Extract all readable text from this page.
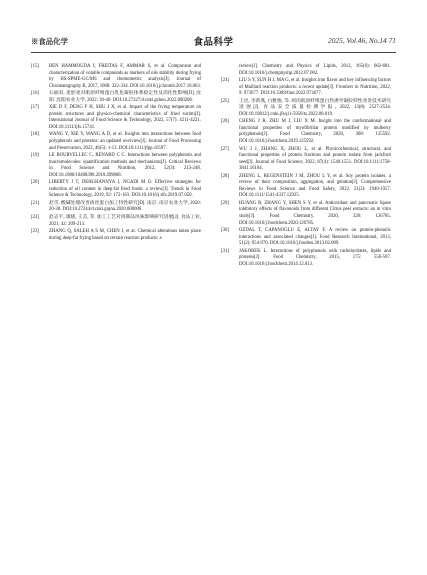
※食品化学	食品科学	2025, Vol.46, No.14 71
[15] BEN HAMMOUDA I, FREITAS F, AMMAR S, et al. Comparison and characterization of volatile compounds as markers of oils stability during frying by HS-SPME-GC/MS and chemometric analysis[J]. Journal of Chromatography B, 2017, 1068: 322-334. DOI:10.1016/j.jchromb.2017.10.063.
[16] 石丽双. 麦胚麦对肌原纤维蛋白乳化凝胶体系稳定性及消化性影响[D]. 沈阳: 沈阳农业大学, 2022: 30-40. DOI:10.27327/d.cnki.gshnu.2022.000206.
[17] XIE D F, DENG F H, SHU J X, et al. Impact of the frying temperature on protein structures and physico-chemical characteristics of fried surimi[J]. International Journal of Food Science & Technology, 2022, 57(7): 4211-4221. DOI:10.1111/ijfs.15741.
[18] WANG Y, XIE Y, WANG A D, et al. Insights into interactions between food polyphenols and proteins: an updated overview[J]. Journal of Food Processing and Preservation, 2022, 46(5): 1-13. DOI:10.1111/jfpp.16597.
[19] LE BOURVELLEC C, RENARD C C. Interactions between polyphenols and macromolecules: quantification methods and mechanisms[J]. Critical Reviews in Food Science and Nutrition, 2012, 52(3): 213-248. DOI:10.1080/10408398.2010.499808.
[20] LIBERTY J T, DEHGHANNYA J, NGADI M O. Effective strategies for reduction of oil content in deep-fat fried foods: a review[J]. Trends in Food Science & Technology, 2019, 92: 172-183. DOI:10.1016/j.tifs.2019.07.050.
[21] 赵雪. 酸碱处理改善肉丝蛋白加工特性研究[D]. 南京: 南京农业大学, 2020: 20-30. DOI:10.27244/d.cnki.gnjnu.2020.000006.
[22] 赵志平, 康晓, 王芸, 等. 加工工艺对肉制品风味影响研究进展[J]. 食品工业, 2021, 42: 209-213.
[23] ZHANG Q, SALEH A S M, CHEN J, et al. Chemical alterations taken place during deep-fat frying based on certain reaction products: a
review[J]. Chemistry and Physics of Lipids, 2012, 165(6): 662-681. DOI:10.1016/j.chemphyslip.2012.07.002.
[24] LIU S Y, SUN H J, MA G, et al. Insights into flavor and key influencing factors of Maillard reaction products: a recent update[J]. Frontiers in Nutrition, 2022, 9: 973677. DOI:10.3389/fnut.2022.973677.
[25] 王昆, 李新燕, 白雅俊, 等. 鸡肉肌原纤维蛋白热诱导凝胶特性改善技术研究进展[J]. 食品安全质量检测学报, 2022, 13(8): 2527-2534. DOI:10.19812/j.cnki.jfsq11-5956/ts.2022.08.019.
[26] CHENG J R, ZHU M J, LIU X M. Insight into the conformational and functional properties of myofibrillar protein modified by mulberry polyphenols[J]. Food Chemistry, 2020, 308: 125592. DOI:10.1016/j.foodchem.2019.125592.
[27] WU J J, ZHANG X, ZHOU L, et al. Physicochemical, structural, and functional properties of protein fractions and protein isolate from jackfruit seed[J]. Journal of Food Science, 2022, 87(4): 1540-1551. DOI:10.1111/1750-3841.16104.
[28] ZHENG L, REGENSTEIN J M, ZHOU L Y, et al. Soy protein isolates: a review of their composition, aggregation, and gelation[J]. Comprehensive Reviews in Food Science and Food Safety, 2022, 21(2): 1940-1957. DOI:10.1111/1541-4337.12925.
[29] HUANG R, ZHANG Y, SHEN S Y, et al. Antioxidant and pancreatic lipase inhibitory effects of flavonoids from different Citrus peel extracts: an in vitro study[J]. Food Chemistry, 2020, 326: 126785. DOI:10.1016/j.foodchem.2020.126785.
[30] OZDAL T, CAPANOGLU E, ALTAY F. A review on protein-phenolic interactions and associated changes[J]. Food Research International, 2013, 51(2): 954-970. DOI:10.1016/j.foodres.2013.02.009.
[31] JAKOBEK L. Interactions of polyphenols with carbohydrates, lipids and proteins[J]. Food Chemistry, 2015, 175: 556-567. DOI:10.1016/j.foodchem.2014.12.013.
